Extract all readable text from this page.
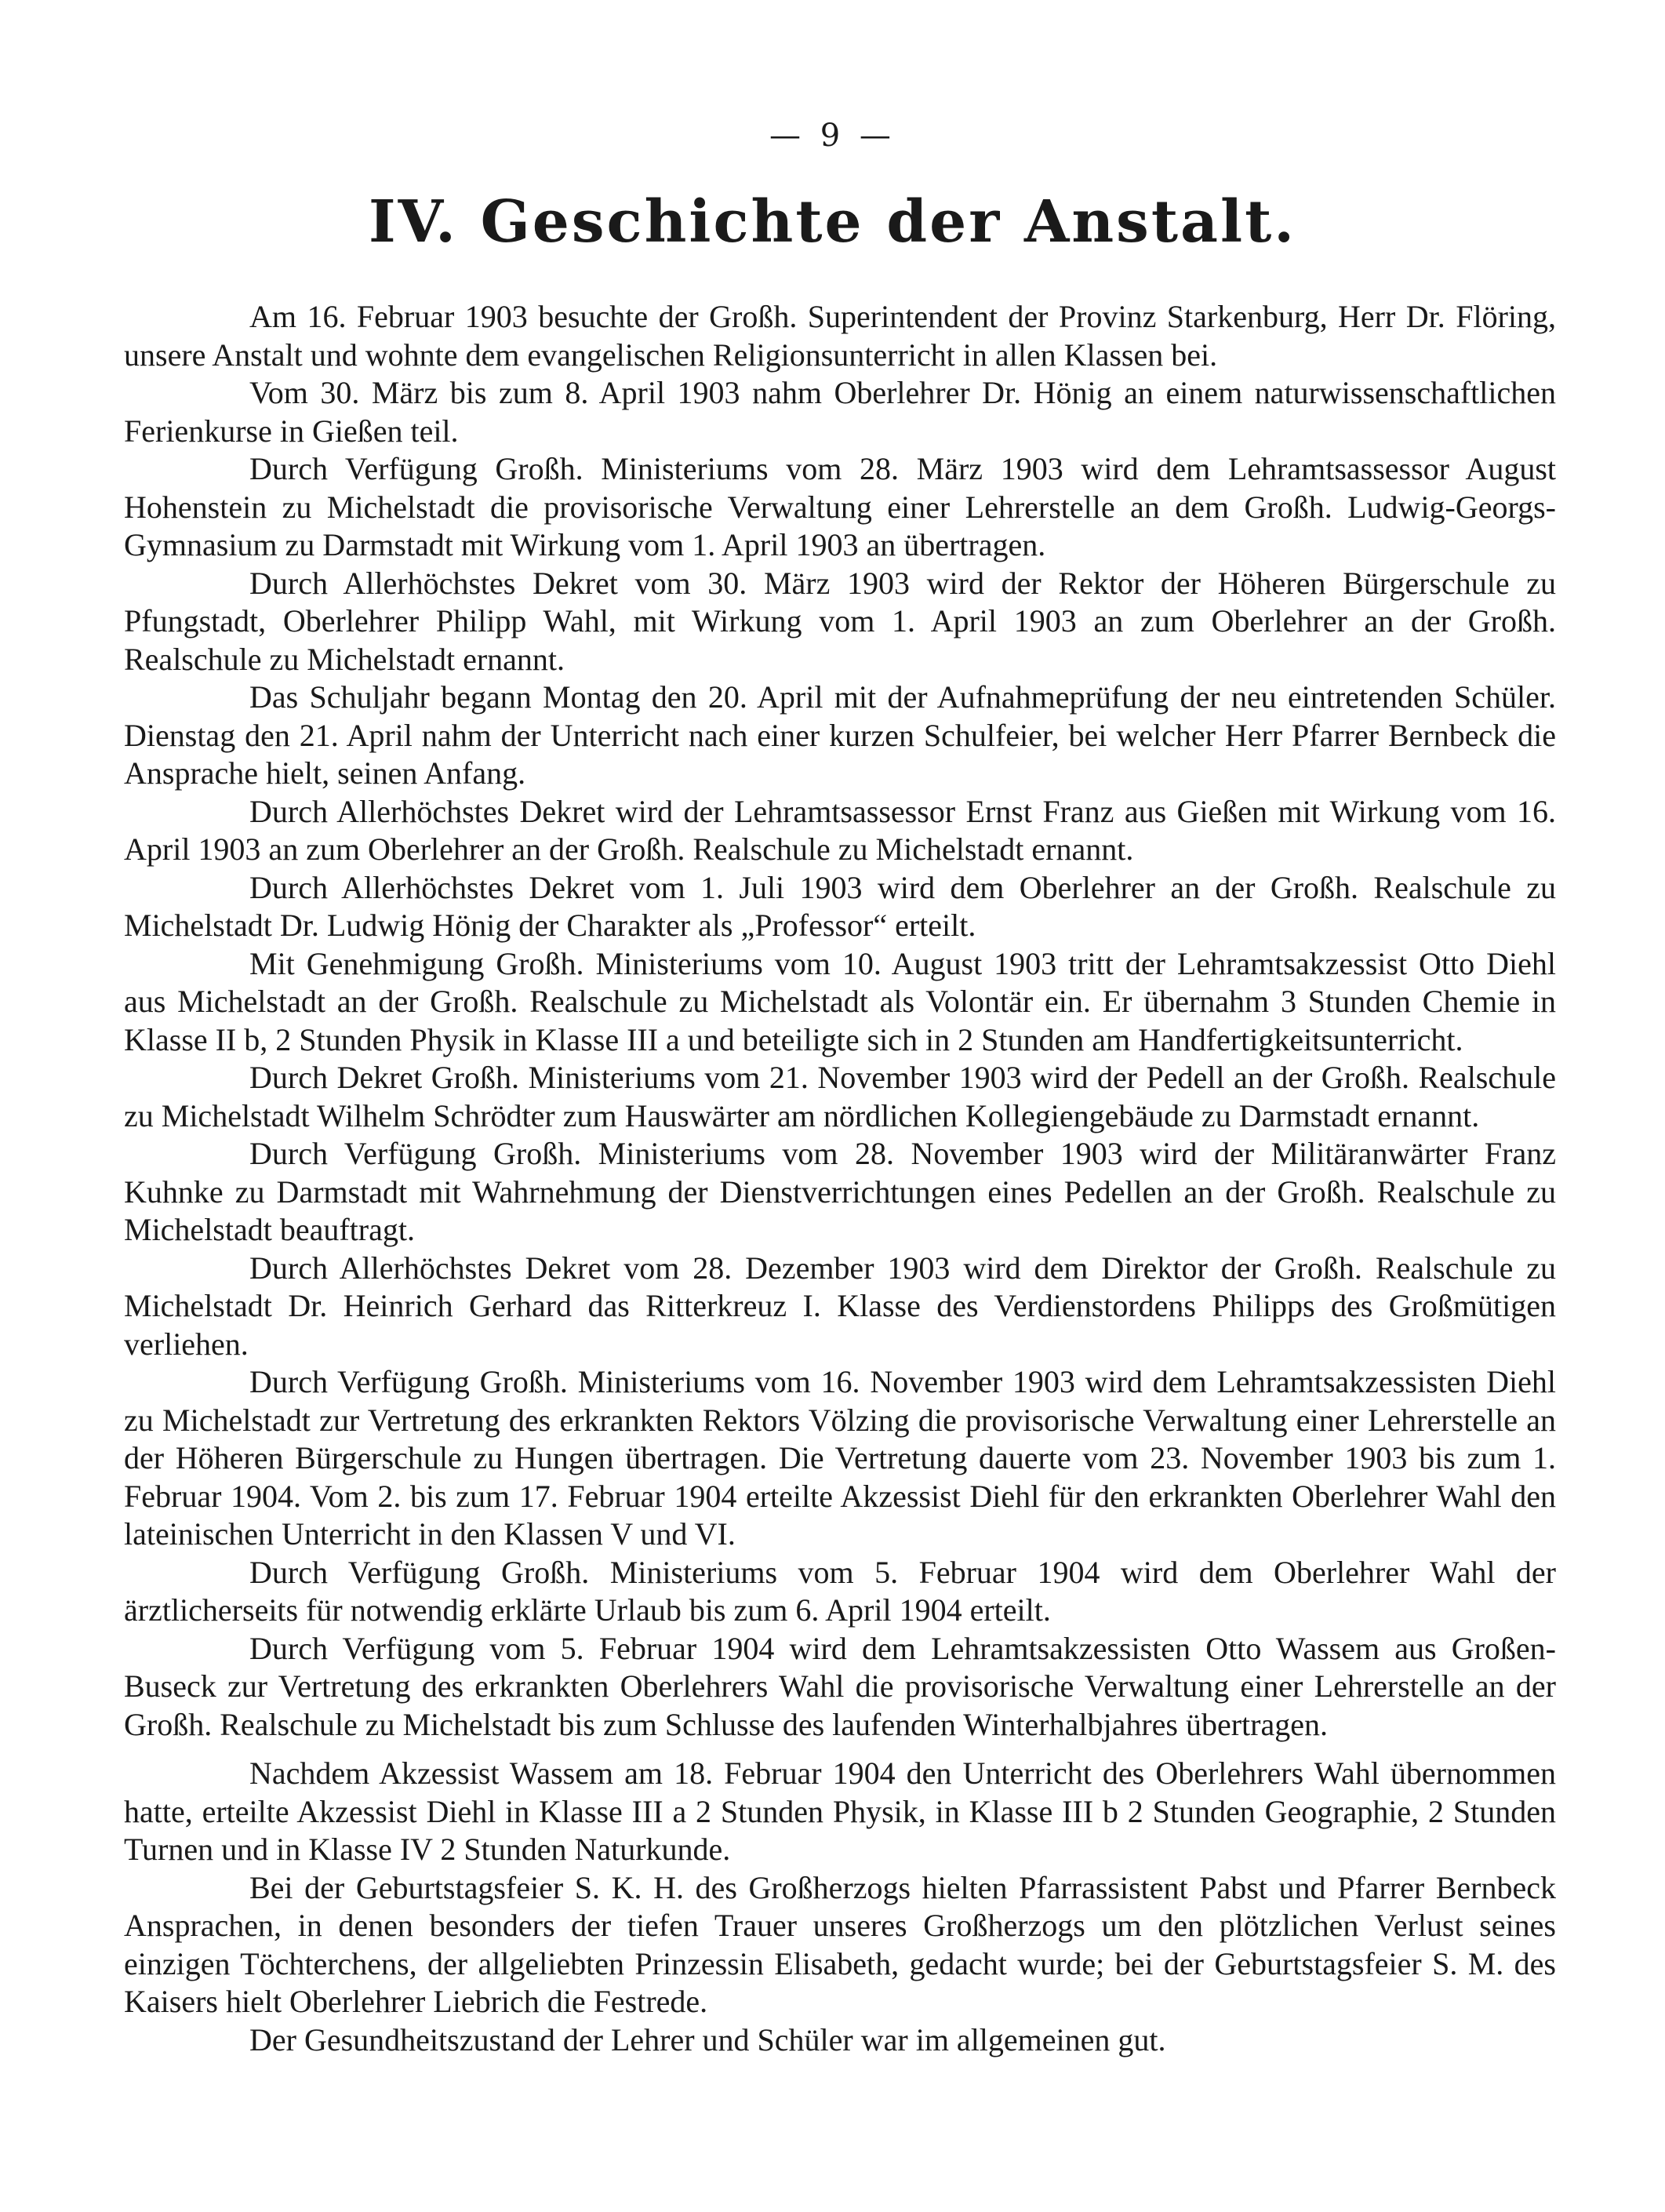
— 9 —
IV. Geschichte der Anstalt.

Am 16. Februar 1903 besuchte der Großh. Superintendent der Provinz Starkenburg, Herr Dr. Flöring, unsere Anstalt und wohnte dem evangelischen Religionsunterricht in allen Klassen bei.

Vom 30. März bis zum 8. April 1903 nahm Oberlehrer Dr. Hönig an einem naturwissenschaftlichen Ferienkurse in Gießen teil.

Durch Verfügung Großh. Ministeriums vom 28. März 1903 wird dem Lehramtsassessor August Hohenstein zu Michelstadt die provisorische Verwaltung einer Lehrerstelle an dem Großh. Ludwig-Georgs-Gymnasium zu Darmstadt mit Wirkung vom 1. April 1903 an übertragen.

Durch Allerhöchstes Dekret vom 30. März 1903 wird der Rektor der Höheren Bürgerschule zu Pfungstadt, Oberlehrer Philipp Wahl, mit Wirkung vom 1. April 1903 an zum Oberlehrer an der Großh. Realschule zu Michelstadt ernannt.

Das Schuljahr begann Montag den 20. April mit der Aufnahmeprüfung der neu eintretenden Schüler. Dienstag den 21. April nahm der Unterricht nach einer kurzen Schulfeier, bei welcher Herr Pfarrer Bernbeck die Ansprache hielt, seinen Anfang.

Durch Allerhöchstes Dekret wird der Lehramtsassessor Ernst Franz aus Gießen mit Wirkung vom 16. April 1903 an zum Oberlehrer an der Großh. Realschule zu Michelstadt ernannt.

Durch Allerhöchstes Dekret vom 1. Juli 1903 wird dem Oberlehrer an der Großh. Realschule zu Michelstadt Dr. Ludwig Hönig der Charakter als „Professor“ erteilt.

Mit Genehmigung Großh. Ministeriums vom 10. August 1903 tritt der Lehramtsakzessist Otto Diehl aus Michelstadt an der Großh. Realschule zu Michelstadt als Volontär ein. Er übernahm 3 Stunden Chemie in Klasse II b, 2 Stunden Physik in Klasse III a und beteiligte sich in 2 Stunden am Handfertigkeitsunterricht.

Durch Dekret Großh. Ministeriums vom 21. November 1903 wird der Pedell an der Großh. Realschule zu Michelstadt Wilhelm Schrödter zum Hauswärter am nördlichen Kollegiengebäude zu Darmstadt ernannt.

Durch Verfügung Großh. Ministeriums vom 28. November 1903 wird der Militäranwärter Franz Kuhnke zu Darmstadt mit Wahrnehmung der Dienstverrichtungen eines Pedellen an der Großh. Realschule zu Michelstadt beauftragt.

Durch Allerhöchstes Dekret vom 28. Dezember 1903 wird dem Direktor der Großh. Realschule zu Michelstadt Dr. Heinrich Gerhard das Ritterkreuz I. Klasse des Verdienstordens Philipps des Großmütigen verliehen.

Durch Verfügung Großh. Ministeriums vom 16. November 1903 wird dem Lehramtsakzessisten Diehl zu Michelstadt zur Vertretung des erkrankten Rektors Völzing die provisorische Verwaltung einer Lehrerstelle an der Höheren Bürgerschule zu Hungen übertragen. Die Vertretung dauerte vom 23. November 1903 bis zum 1. Februar 1904. Vom 2. bis zum 17. Februar 1904 erteilte Akzessist Diehl für den erkrankten Oberlehrer Wahl den lateinischen Unterricht in den Klassen V und VI.

Durch Verfügung Großh. Ministeriums vom 5. Februar 1904 wird dem Oberlehrer Wahl der ärztlicherseits für notwendig erklärte Urlaub bis zum 6. April 1904 erteilt.

Durch Verfügung vom 5. Februar 1904 wird dem Lehramtsakzessisten Otto Wassem aus Großen-Buseck zur Vertretung des erkrankten Oberlehrers Wahl die provisorische Verwaltung einer Lehrerstelle an der Großh. Realschule zu Michelstadt bis zum Schlusse des laufenden Winterhalbjahres übertragen.

Nachdem Akzessist Wassem am 18. Februar 1904 den Unterricht des Oberlehrers Wahl übernommen hatte, erteilte Akzessist Diehl in Klasse III a 2 Stunden Physik, in Klasse III b 2 Stunden Geographie, 2 Stunden Turnen und in Klasse IV 2 Stunden Naturkunde.

Bei der Geburtstagsfeier S. K. H. des Großherzogs hielten Pfarrassistent Pabst und Pfarrer Bernbeck Ansprachen, in denen besonders der tiefen Trauer unseres Großherzogs um den plötzlichen Verlust seines einzigen Töchterchens, der allgeliebten Prinzessin Elisabeth, gedacht wurde; bei der Geburtstagsfeier S. M. des Kaisers hielt Oberlehrer Liebrich die Festrede.

Der Gesundheitszustand der Lehrer und Schüler war im allgemeinen gut.
